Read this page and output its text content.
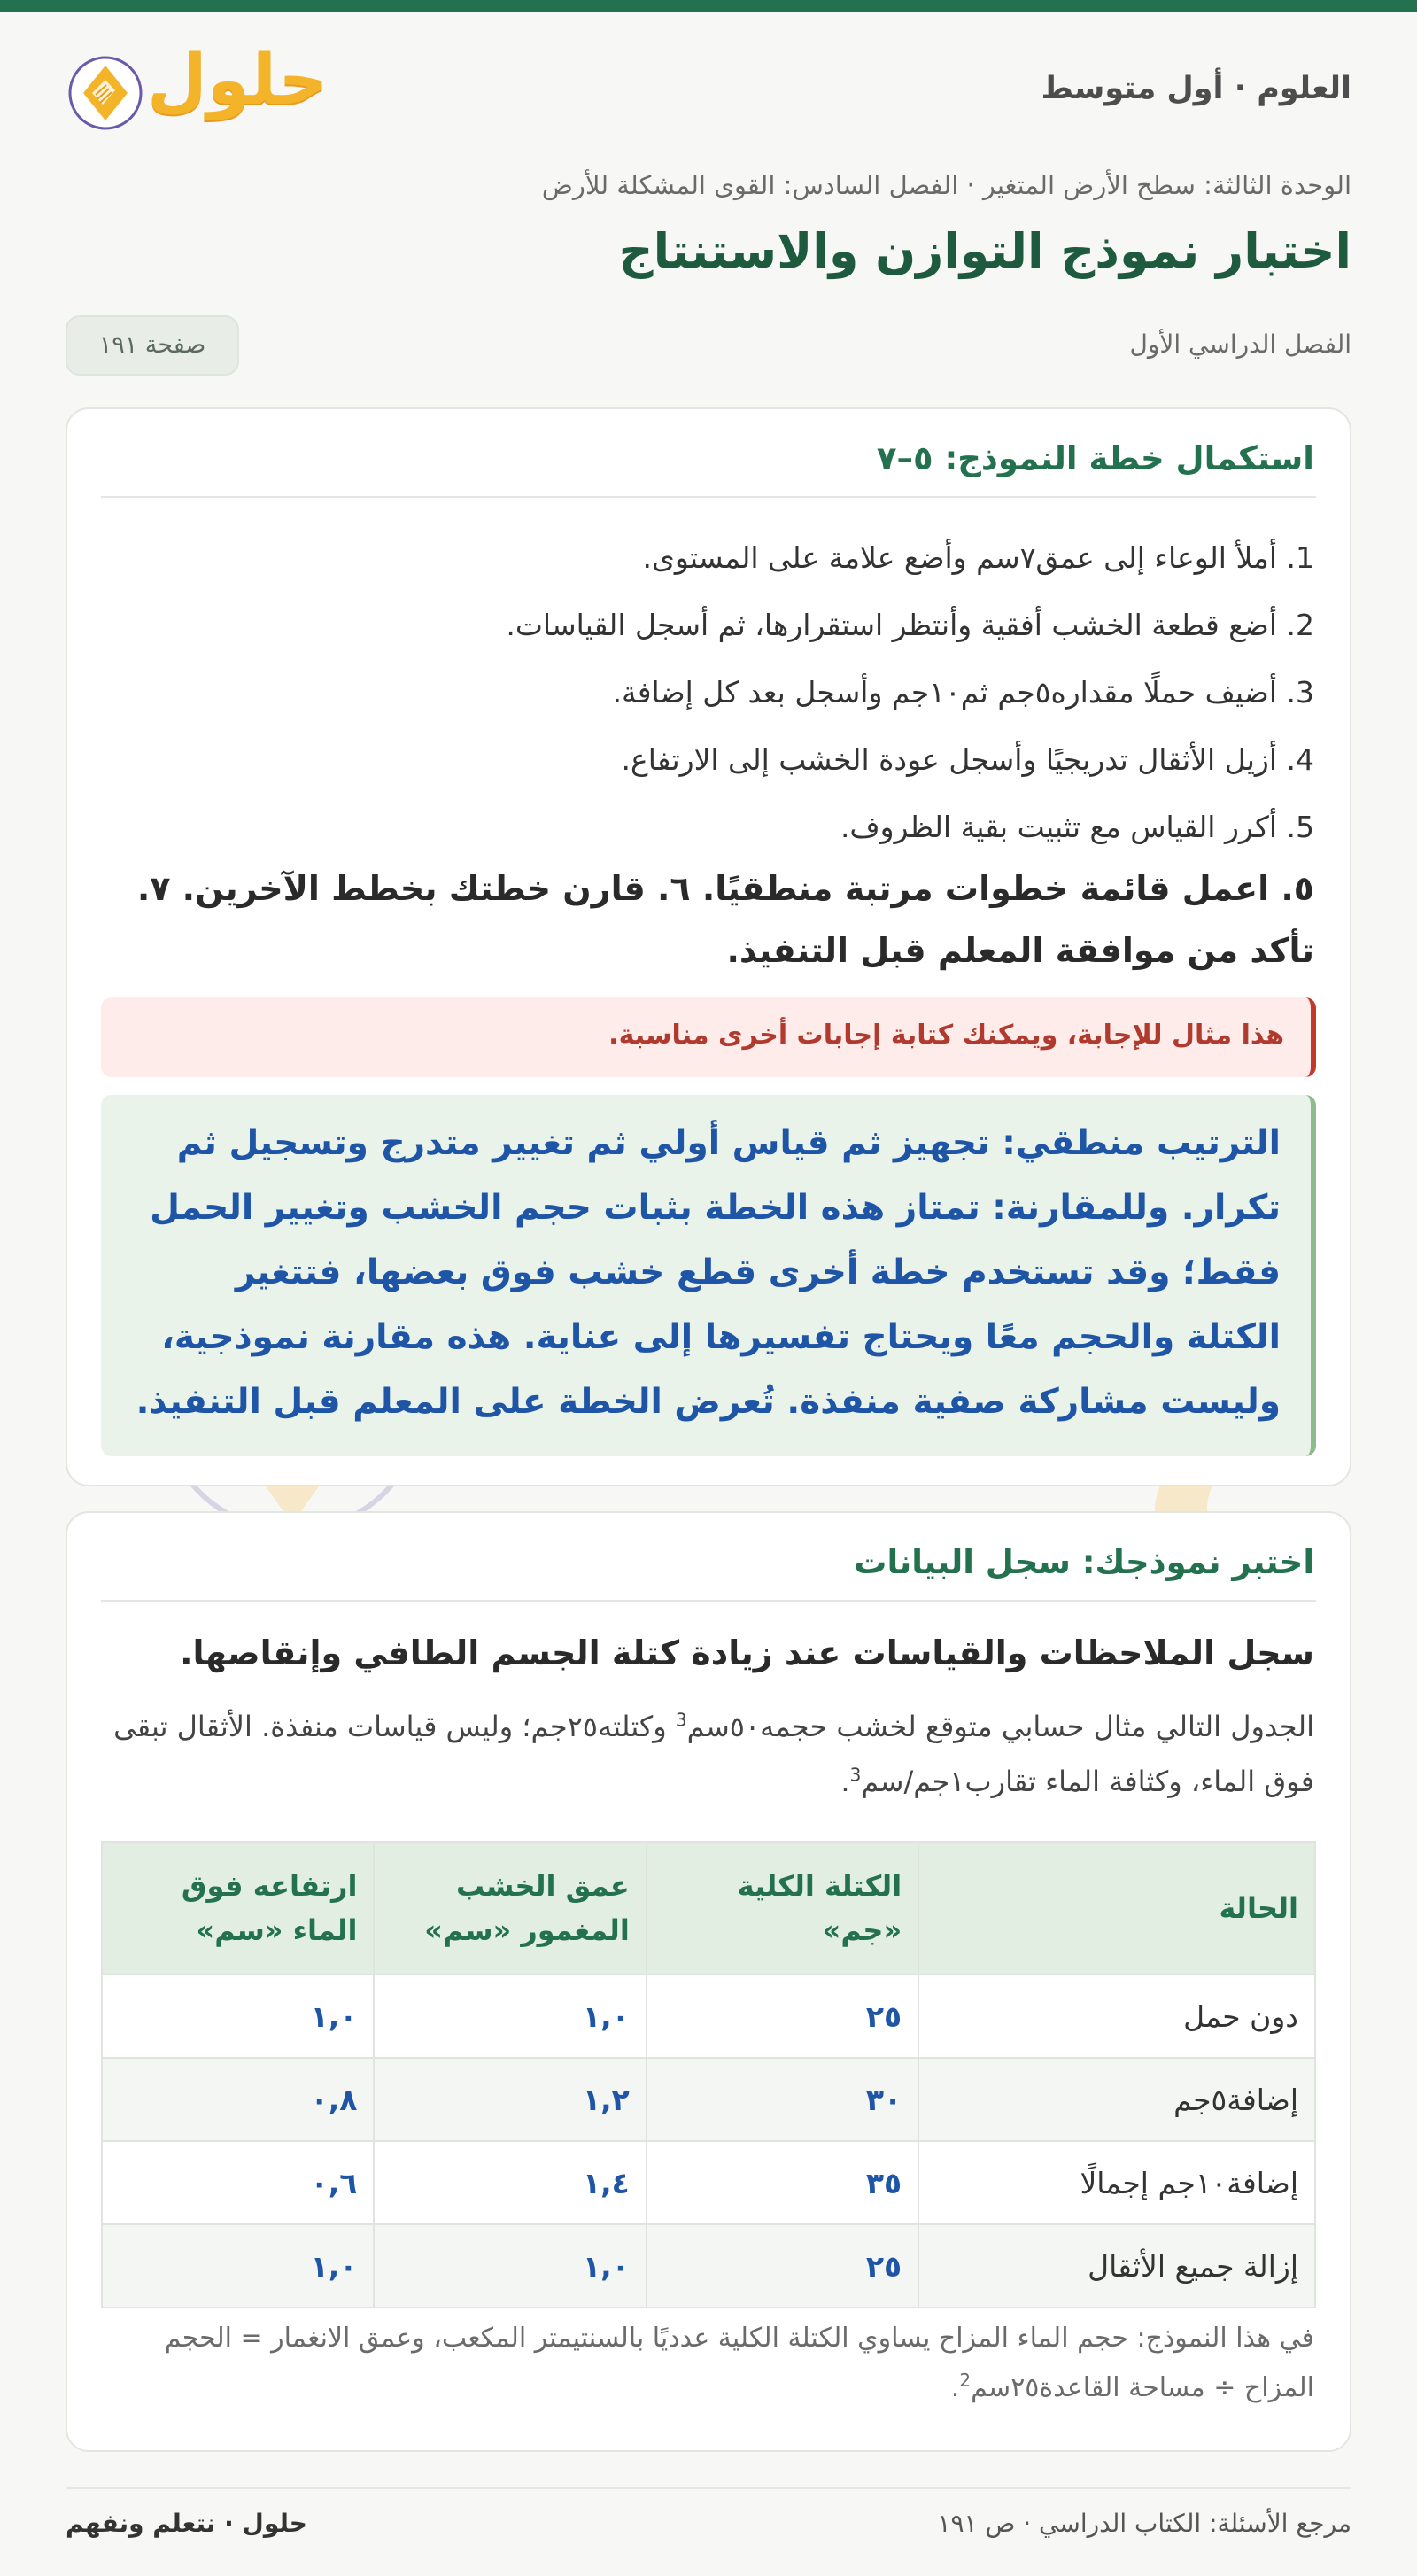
العلوم · أول متوسط
حلول
الوحدة الثالثة: سطح الأرض المتغير · الفصل السادس: القوى المشكلة للأرض
اختبار نموذج التوازن والاستنتاج
الفصل الدراسي الأول
صفحة ١٩١
استكمال خطة النموذج: ٥–٧
1. أملأ الوعاء إلى عمق٧سم وأضع علامة على المستوى.
2. أضع قطعة الخشب أفقية وأنتظر استقرارها، ثم أسجل القياسات.
3. أضيف حملًا مقداره٥جم ثم١٠جم وأسجل بعد كل إضافة.
4. أزيل الأثقال تدريجيًا وأسجل عودة الخشب إلى الارتفاع.
5. أكرر القياس مع تثبيت بقية الظروف.
٥. اعمل قائمة خطوات مرتبة منطقيًا. ٦. قارن خطتك بخطط الآخرين. ٧. تأكد من موافقة المعلم قبل التنفيذ.
هذا مثال للإجابة، ويمكنك كتابة إجابات أخرى مناسبة.
الترتيب منطقي: تجهيز ثم قياس أولي ثم تغيير متدرج وتسجيل ثم تكرار. وللمقارنة: تمتاز هذه الخطة بثبات حجم الخشب وتغيير الحمل فقط؛ وقد تستخدم خطة أخرى قطع خشب فوق بعضها، فتتغير الكتلة والحجم معًا ويحتاج تفسيرها إلى عناية. هذه مقارنة نموذجية، وليست مشاركة صفية منفذة. تُعرض الخطة على المعلم قبل التنفيذ.
اختبر نموذجك: سجل البيانات
سجل الملاحظات والقياسات عند زيادة كتلة الجسم الطافي وإنقاصها.
الجدول التالي مثال حسابي متوقع لخشب حجمه٥٠سم$^3$ وكتلته٢٥جم؛ وليس قياسات منفذة. الأثقال تبقى فوق الماء، وكثافة الماء تقارب١جم/سم$^3$.
الحالة	الكتلة الكلية «جم»	عمق الخشب المغمور «سم»	ارتفاعه فوق الماء «سم»
دون حمل	٢٥	١,٠	١,٠
إضافة٥جم	٣٠	١,٢	٠,٨
إضافة١٠جم إجمالًا	٣٥	١,٤	٠,٦
إزالة جميع الأثقال	٢٥	١,٠	١,٠
في هذا النموذج: حجم الماء المزاح يساوي الكتلة الكلية عدديًا بالسنتيمتر المكعب، وعمق الانغمار = الحجم المزاح ÷ مساحة القاعدة٢٥سم$^2$.
مرجع الأسئلة: الكتاب الدراسي · ص ١٩١
حلول · نتعلم ونفهم
